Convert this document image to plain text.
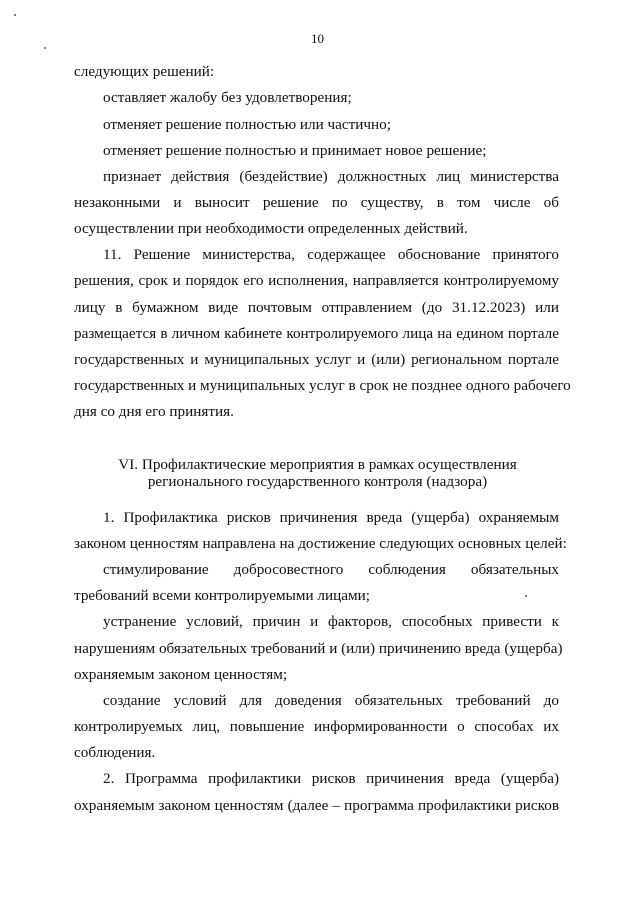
10
следующих решений:
оставляет жалобу без удовлетворения;
отменяет решение полностью или частично;
отменяет решение полностью и принимает новое решение;
признает действия (бездействие) должностных лиц министерства
незаконными и выносит решение по существу, в том числе об
осуществлении при необходимости определенных действий.
11. Решение министерства, содержащее обоснование принятого
решения, срок и порядок его исполнения, направляется контролируемому
лицу в бумажном виде почтовым отправлением (до 31.12.2023) или
размещается в личном кабинете контролируемого лица на едином портале
государственных и муниципальных услуг и (или) региональном портале
государственных и муниципальных услуг в срок не позднее одного рабочего
дня со дня его принятия.
VI. Профилактические мероприятия в рамках осуществления
регионального государственного контроля (надзора)
1. Профилактика рисков причинения вреда (ущерба) охраняемым
законом ценностям направлена на достижение следующих основных целей:
стимулирование добросовестного соблюдения обязательных
требований всеми контролируемыми лицами;
устранение условий, причин и факторов, способных привести к
нарушениям обязательных требований и (или) причинению вреда (ущерба)
охраняемым законом ценностям;
создание условий для доведения обязательных требований до
контролируемых лиц, повышение информированности о способах их
соблюдения.
2. Программа профилактики рисков причинения вреда (ущерба)
охраняемым законом ценностям (далее – программа профилактики рисков
